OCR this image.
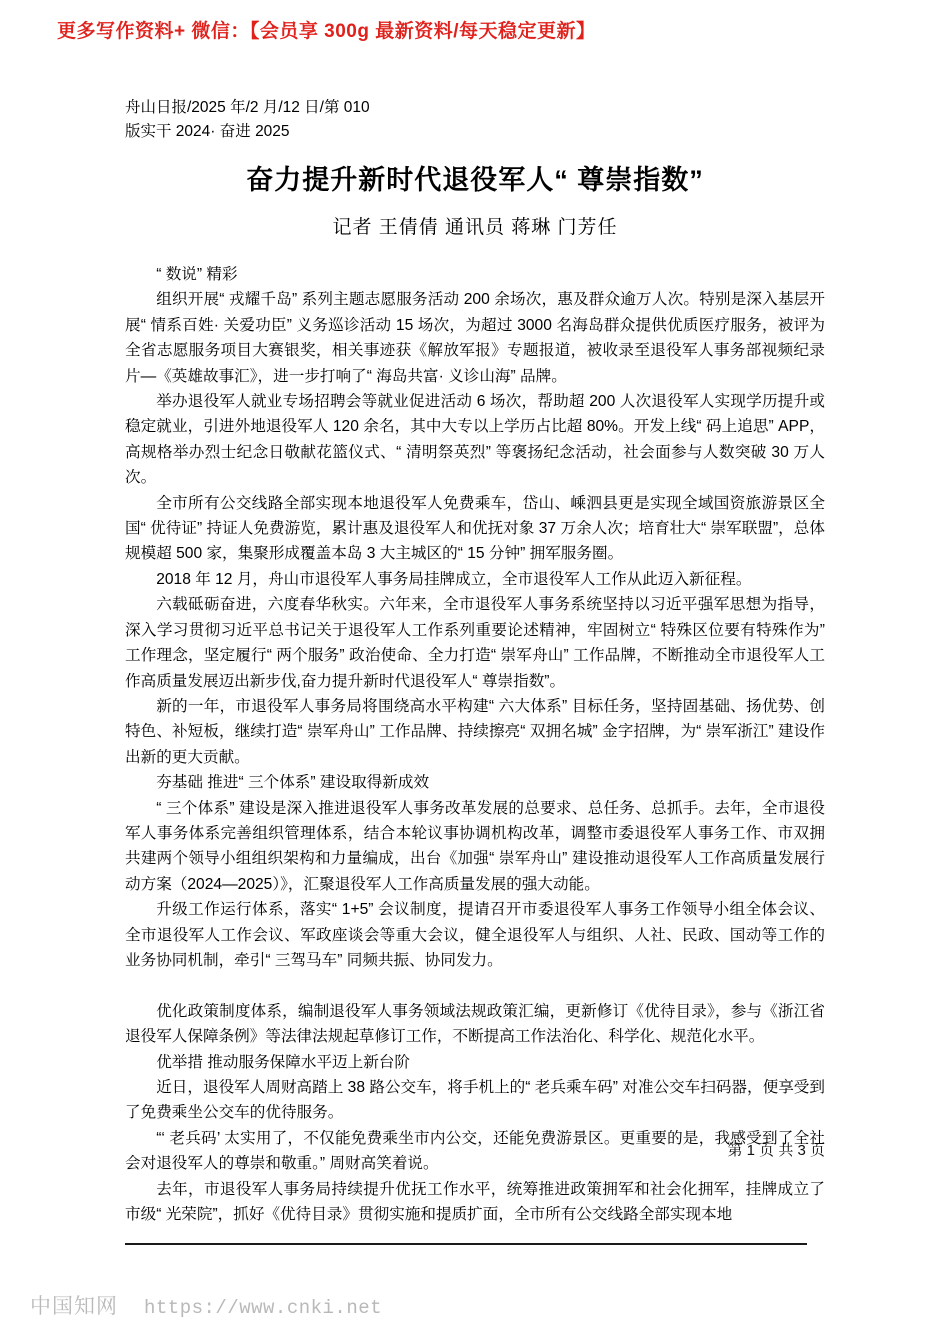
更多写作资料+ 微信：【会员享 300g 最新资料/每天稳定更新】
舟山日报/2025 年/2 月/12 日/第 010
版实干 2024· 奋进 2025
奋力提升新时代退役军人“ 尊崇指数”
记者 王倩倩 通讯员 蒋琳 门芳任

“ 数说” 精彩

组织开展“ 戎耀千岛” 系列主题志愿服务活动 200 余场次，惠及群众逾万人次。特别是深入基层开展“ 情系百姓· 关爱功臣” 义务巡诊活动 15 场次，为超过 3000 名海岛群众提供优质医疗服务，被评为全省志愿服务项目大赛银奖，相关事迹获《解放军报》专题报道，被收录至退役军人事务部视频纪录片—《英雄故事汇》，进一步打响了“ 海岛共富· 义诊山海” 品牌。

举办退役军人就业专场招聘会等就业促进活动 6 场次，帮助超 200 人次退役军人实现学历提升或稳定就业，引进外地退役军人 120 余名，其中大专以上学历占比超 80%。开发上线“ 码上追思” APP，高规格举办烈士纪念日敬献花篮仪式、“ 清明祭英烈” 等褒扬纪念活动，社会面参与人数突破 30 万人次。

全市所有公交线路全部实现本地退役军人免费乘车，岱山、嵊泗县更是实现全域国资旅游景区全国“ 优待证” 持证人免费游览，累计惠及退役军人和优抚对象 37 万余人次；培育壮大“ 崇军联盟”，总体规模超 500 家，集聚形成覆盖本岛 3 大主城区的“ 15 分钟” 拥军服务圈。

2018 年 12 月，舟山市退役军人事务局挂牌成立，全市退役军人工作从此迈入新征程。

六载砥砺奋进，六度春华秋实。六年来，全市退役军人事务系统坚持以习近平强军思想为指导，深入学习贯彻习近平总书记关于退役军人工作系列重要论述精神，牢固树立“ 特殊区位要有特殊作为” 工作理念，坚定履行“ 两个服务” 政治使命、全力打造“ 崇军舟山” 工作品牌，不断推动全市退役军人工作高质量发展迈出新步伐,奋力提升新时代退役军人“ 尊崇指数”。

新的一年，市退役军人事务局将围绕高水平构建“ 六大体系” 目标任务，坚持固基础、扬优势、创特色、补短板，继续打造“ 崇军舟山” 工作品牌、持续擦亮“ 双拥名城” 金字招牌，为“ 崇军浙江” 建设作出新的更大贡献。

夯基础 推进“ 三个体系” 建设取得新成效

“ 三个体系” 建设是深入推进退役军人事务改革发展的总要求、总任务、总抓手。去年，全市退役军人事务体系完善组织管理体系，结合本轮议事协调机构改革，调整市委退役军人事务工作、市双拥共建两个领导小组组织架构和力量编成，出台《加强“ 崇军舟山” 建设推动退役军人工作高质量发展行动方案（2024—2025）》，汇聚退役军人工作高质量发展的强大动能。

升级工作运行体系，落实“ 1+5” 会议制度，提请召开市委退役军人事务工作领导小组全体会议、全市退役军人工作会议、军政座谈会等重大会议，健全退役军人与组织、人社、民政、国动等工作的业务协同机制，牵引“ 三驾马车” 同频共振、协同发力。

优化政策制度体系，编制退役军人事务领域法规政策汇编，更新修订《优待目录》，参与《浙江省退役军人保障条例》等法律法规起草修订工作，不断提高工作法治化、科学化、规范化水平。

优举措 推动服务保障水平迈上新台阶

近日，退役军人周财高踏上 38 路公交车，将手机上的“ 老兵乘车码” 对准公交车扫码器，便享受到了免费乘坐公交车的优待服务。

“‘ 老兵码’ 太实用了，不仅能免费乘坐市内公交，还能免费游景区。更重要的是，我感受到了全社会对退役军人的尊崇和敬重。” 周财高笑着说。

去年，市退役军人事务局持续提升优抚工作水平，统筹推进政策拥军和社会化拥军，挂牌成立了市级“ 光荣院”，抓好《优待目录》贯彻实施和提质扩面，全市所有公交线路全部实现本地

第 1 页 共 3 页
中国知网 https://www.cnki.net
